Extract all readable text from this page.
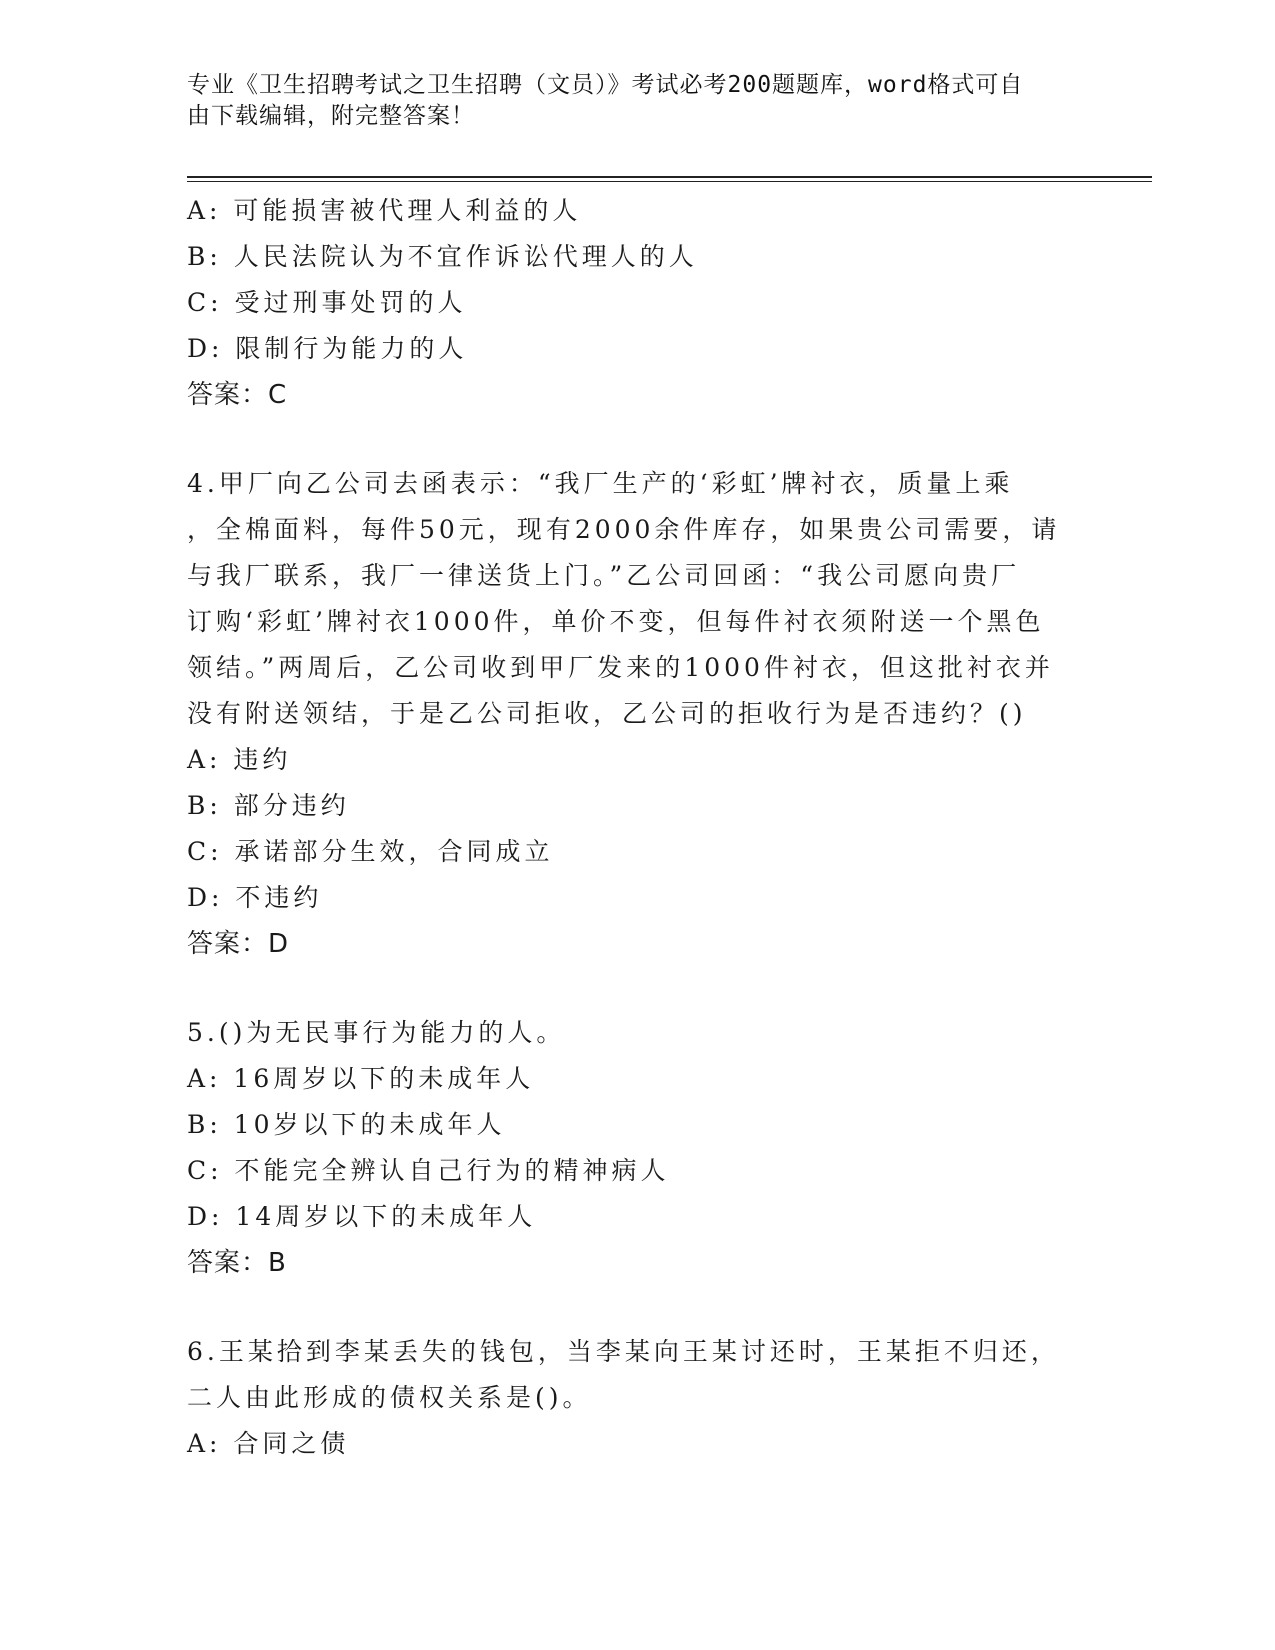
专业《卫生招聘考试之卫生招聘（文员）》考试必考200题题库，word格式可自
由下载编辑，附完整答案！
A: 可能损害被代理人利益的人
B: 人民法院认为不宜作诉讼代理人的人
C: 受过刑事处罚的人
D: 限制行为能力的人
答案：C
4.甲厂向乙公司去函表示：“我厂生产的‘彩虹’牌衬衣，质量上乘
，全棉面料，每件50元，现有2000余件库存，如果贵公司需要，请
与我厂联系，我厂一律送货上门。”乙公司回函：“我公司愿向贵厂
订购‘彩虹’牌衬衣1000件，单价不变，但每件衬衣须附送一个黑色
领结。”两周后，乙公司收到甲厂发来的1000件衬衣，但这批衬衣并
没有附送领结，于是乙公司拒收，乙公司的拒收行为是否违约？()
A: 违约
B: 部分违约
C: 承诺部分生效，合同成立
D: 不违约
答案：D
5.()为无民事行为能力的人。
A: 16周岁以下的未成年人
B: 10岁以下的未成年人
C: 不能完全辨认自己行为的精神病人
D: 14周岁以下的未成年人
答案：B
6.王某拾到李某丢失的钱包，当李某向王某讨还时，王某拒不归还，
二人由此形成的债权关系是()。
A: 合同之债
